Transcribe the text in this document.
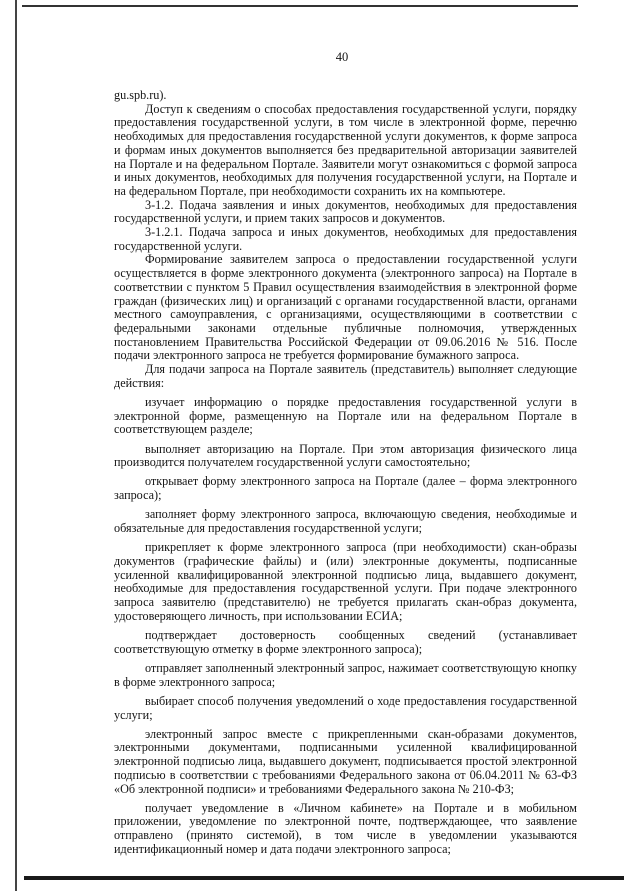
40

gu.spb.ru).

Доступ к сведениям о способах предоставления государственной услуги, порядку предоставления государственной услуги, в том числе в электронной форме, перечню необходимых для предоставления государственной услуги документов, к форме запроса и формам иных документов выполняется без предварительной авторизации заявителей на Портале и на федеральном Портале. Заявители могут ознакомиться с формой запроса и иных документов, необходимых для получения государственной услуги, на Портале и на федеральном Портале, при необходимости сохранить их на компьютере.

3-1.2. Подача заявления и иных документов, необходимых для предоставления государственной услуги, и прием таких запросов и документов.

3-1.2.1. Подача запроса и иных документов, необходимых для предоставления государственной услуги.

Формирование заявителем запроса о предоставлении государственной услуги осуществляется в форме электронного документа (электронного запроса) на Портале в соответствии с пунктом 5 Правил осуществления взаимодействия в электронной форме граждан (физических лиц) и организаций с органами государственной власти, органами местного самоуправления, с организациями, осуществляющими в соответствии с федеральными законами отдельные публичные полномочия, утвержденных постановлением Правительства Российской Федерации от 09.06.2016 № 516. После подачи электронного запроса не требуется формирование бумажного запроса.

Для подачи запроса на Портале заявитель (представитель) выполняет следующие действия:

изучает информацию о порядке предоставления государственной услуги в электронной форме, размещенную на Портале или на федеральном Портале в соответствующем разделе;

выполняет авторизацию на Портале. При этом авторизация физического лица производится получателем государственной услуги самостоятельно;

открывает форму электронного запроса на Портале (далее – форма электронного запроса);

заполняет форму электронного запроса, включающую сведения, необходимые и обязательные для предоставления государственной услуги;

прикрепляет к форме электронного запроса (при необходимости) скан-образы документов (графические файлы) и (или) электронные документы, подписанные усиленной квалифицированной электронной подписью лица, выдавшего документ, необходимые для предоставления государственной услуги. При подаче электронного запроса заявителю (представителю) не требуется прилагать скан-образ документа, удостоверяющего личность, при использовании ЕСИА;

подтверждает достоверность сообщенных сведений (устанавливает соответствующую отметку в форме электронного запроса);

отправляет заполненный электронный запрос, нажимает соответствующую кнопку в форме электронного запроса;

выбирает способ получения уведомлений о ходе предоставления государственной услуги;

электронный запрос вместе с прикрепленными скан-образами документов, электронными документами, подписанными усиленной квалифицированной электронной подписью лица, выдавшего документ, подписывается простой электронной подписью в соответствии с требованиями Федерального закона от 06.04.2011 № 63-ФЗ «Об электронной подписи» и требованиями Федерального закона № 210-ФЗ;

получает уведомление в «Личном кабинете» на Портале и в мобильном приложении, уведомление по электронной почте, подтверждающее, что заявление отправлено (принято системой), в том числе в уведомлении указываются идентификационный номер и дата подачи электронного запроса;
